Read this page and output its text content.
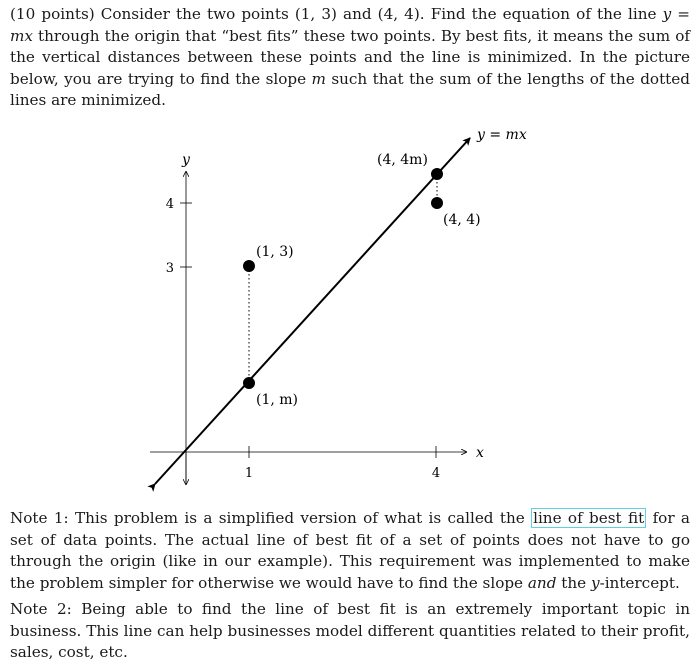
(10 points) Consider the two points (1, 3) and (4, 4). Find the equation of the line y = mx through the origin that “best fits” these two points. By best fits, it means the sum of the vertical distances between these points and the line is minimized. In the picture below, you are trying to find the slope m such that the sum of the lengths of the dotted lines are minimized.
4
3
1	4
y
x
y = mx
(1, 3)
(1, m)
(4, 4m)
(4, 4)
Note 1: This problem is a simplified version of what is called the line of best fit for a set of data points. The actual line of best fit of a set of points does not have to go through the origin (like in our example). This requirement was implemented to make the problem simpler for otherwise we would have to find the slope and the y-intercept.
Note 2: Being able to find the line of best fit is an extremely important topic in business. This line can help businesses model different quantities related to their profit, sales, cost, etc.
